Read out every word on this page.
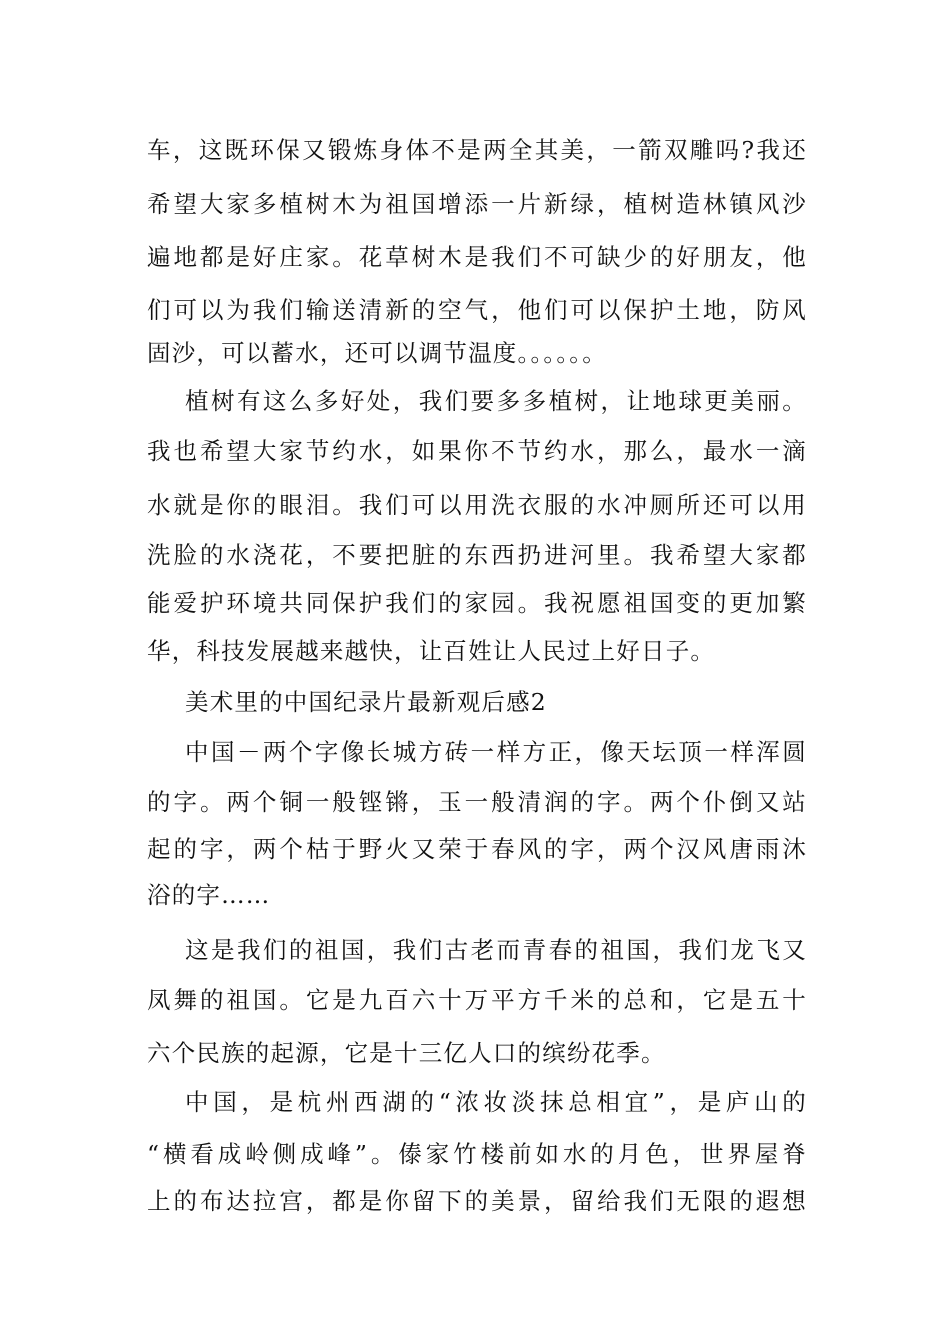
车，这既环保又锻炼身体不是两全其美，一箭双雕吗?我还
希望大家多植树木为祖国增添一片新绿，植树造林镇风沙
遍地都是好庄家。花草树木是我们不可缺少的好朋友，他
们可以为我们输送清新的空气，他们可以保护土地，防风
固沙，可以蓄水，还可以调节温度。。。。。。
植树有这么多好处，我们要多多植树，让地球更美丽。
我也希望大家节约水，如果你不节约水，那么，最水一滴
水就是你的眼泪。我们可以用洗衣服的水冲厕所还可以用
洗脸的水浇花，不要把脏的东西扔进河里。我希望大家都
能爱护环境共同保护我们的家园。我祝愿祖国变的更加繁
华，科技发展越来越快，让百姓让人民过上好日子。
美术里的中国纪录片最新观后感2
中国－两个字像长城方砖一样方正，像天坛顶一样浑圆
的字。两个铜一般铿锵，玉一般清润的字。两个仆倒又站
起的字，两个枯于野火又荣于春风的字，两个汉风唐雨沐
浴的字……
这是我们的祖国，我们古老而青春的祖国，我们龙飞又
凤舞的祖国。它是九百六十万平方千米的总和，它是五十
六个民族的起源，它是十三亿人口的缤纷花季。
中国，是杭州西湖的“浓妆淡抹总相宜”，是庐山的
“横看成岭侧成峰”。傣家竹楼前如水的月色，世界屋脊
上的布达拉宫，都是你留下的美景，留给我们无限的遐想
